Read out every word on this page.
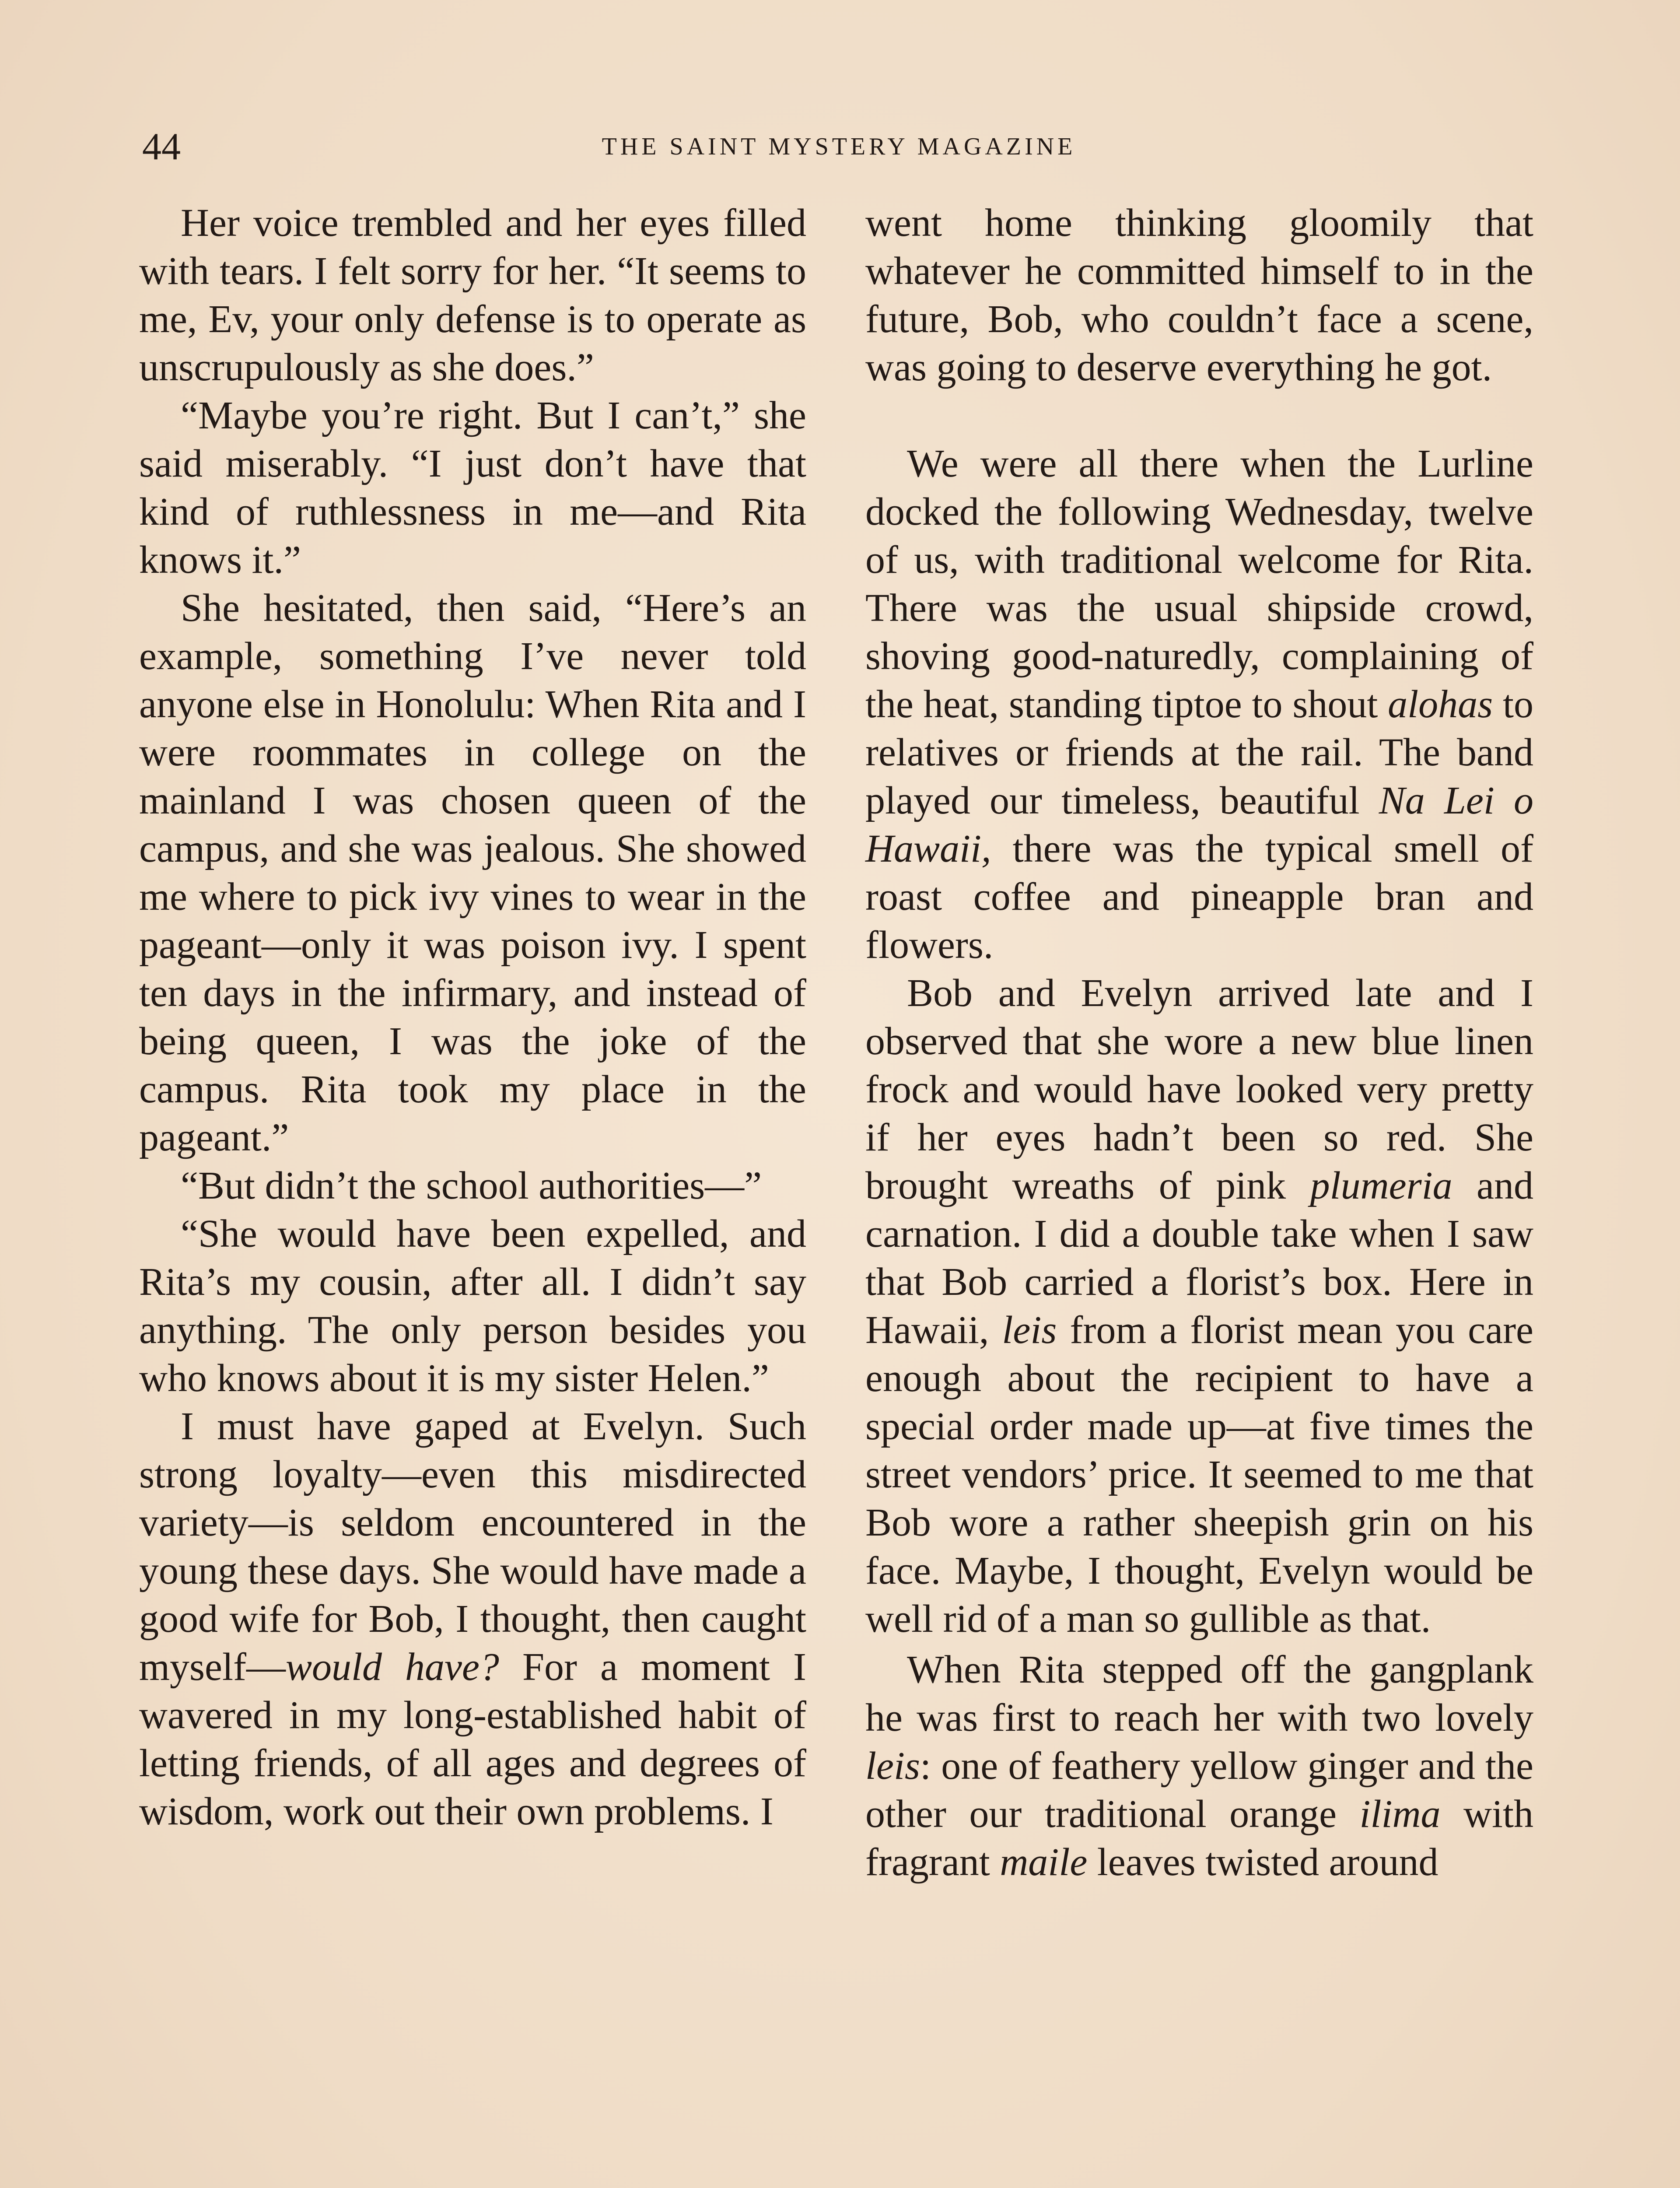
44	THE SAINT MYSTERY MAGAZINE

Her voice trembled and her eyes filled with tears. I felt sorry for her. “It seems to me, Ev, your only defense is to operate as unscrupulously as she does.”

“Maybe you’re right. But I can’t,” she said miserably. “I just don’t have that kind of ruthlessness in me—and Rita knows it.”

She hesitated, then said, “Here’s an example, something I’ve never told anyone else in Honolulu: When Rita and I were roommates in college on the mainland I was chosen queen of the campus, and she was jealous. She showed me where to pick ivy vines to wear in the pageant—only it was poison ivy. I spent ten days in the infirmary, and instead of being queen, I was the joke of the campus. Rita took my place in the pageant.”

“But didn’t the school authorities—”

“She would have been expelled, and Rita’s my cousin, after all. I didn’t say anything. The only person besides you who knows about it is my sister Helen.”

I must have gaped at Evelyn. Such strong loyalty—even this misdirected variety—is seldom encountered in the young these days. She would have made a good wife for Bob, I thought, then caught myself—would have? For a moment I wavered in my long-established habit of letting friends, of all ages and degrees of wisdom, work out their own problems. I

went home thinking gloomily that whatever he committed himself to in the future, Bob, who couldn’t face a scene, was going to deserve everything he got.

We were all there when the Lurline docked the following Wednesday, twelve of us, with traditional welcome for Rita. There was the usual shipside crowd, shoving good-naturedly, complaining of the heat, standing tiptoe to shout alohas to relatives or friends at the rail. The band played our timeless, beautiful Na Lei o Hawaii, there was the typical smell of roast coffee and pineapple bran and flowers.

Bob and Evelyn arrived late and I observed that she wore a new blue linen frock and would have looked very pretty if her eyes hadn’t been so red. She brought wreaths of pink plumeria and carnation. I did a double take when I saw that Bob carried a florist’s box. Here in Hawaii, leis from a florist mean you care enough about the recipient to have a special order made up—at five times the street vendors’ price. It seemed to me that Bob wore a rather sheepish grin on his face. Maybe, I thought, Evelyn would be well rid of a man so gullible as that.

When Rita stepped off the gangplank he was first to reach her with two lovely leis: one of feathery yellow ginger and the other our traditional orange ilima with fragrant maile leaves twisted around
